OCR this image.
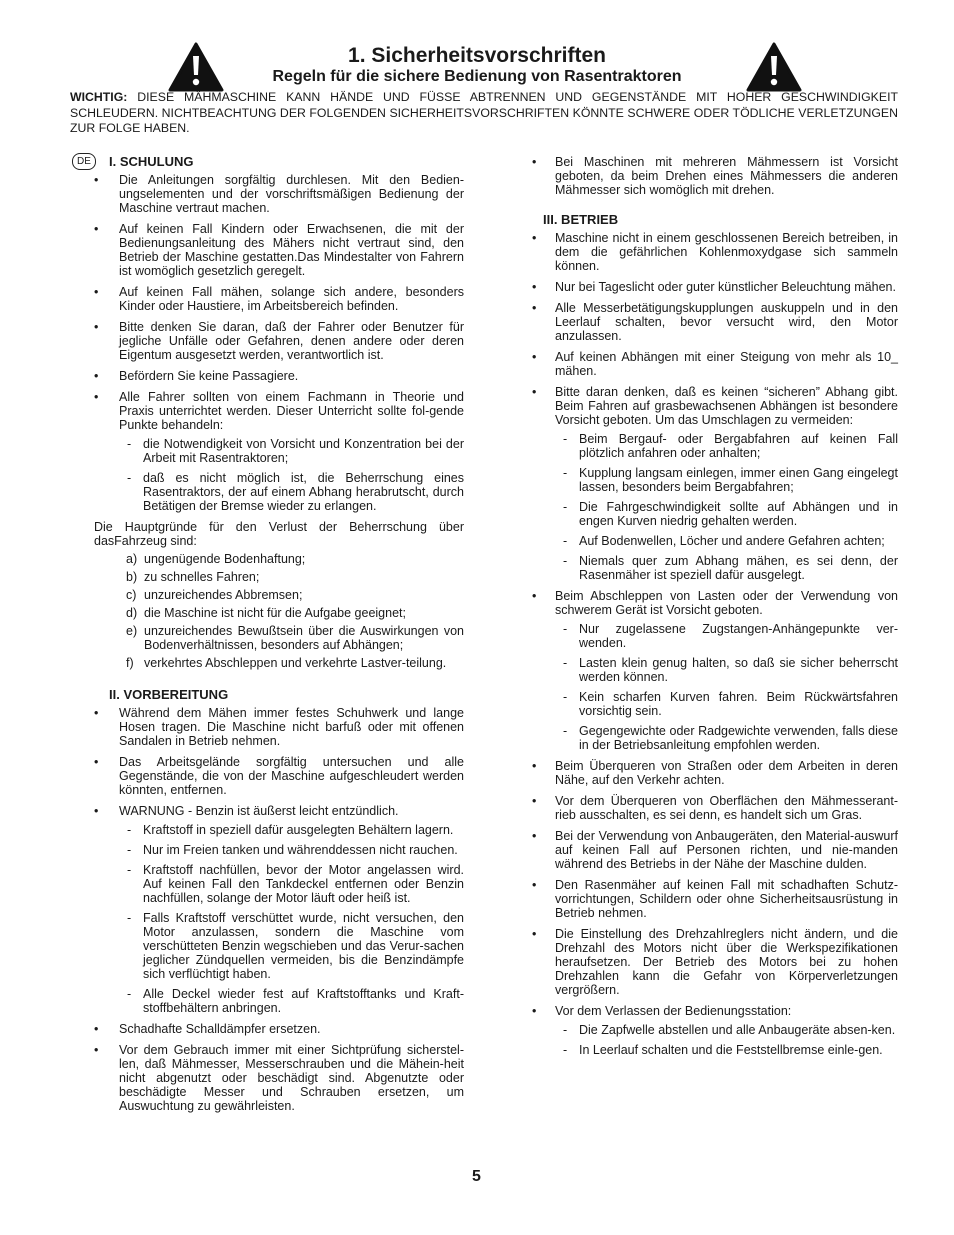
1. Sicherheitsvorschriften
Regeln für die sichere Bedienung von Rasentraktoren
WICHTIG: DIESE MÄHMASCHINE KANN HÄNDE UND FÜSSE ABTRENNEN UND GEGENSTÄNDE MIT HOHER GESCHWINDIGKEIT SCHLEUDERN. NICHTBEACHTUNG DER FOLGENDEN SICHERHEITSVORSCHRIFTEN KÖNNTE SCHWERE ODER TÖDLICHE VERLETZUNGEN ZUR FOLGE HABEN.
DE	I. SCHULUNG
• Die Anleitungen sorgfältig durchlesen. Mit den Bedien-ungselementen und der vorschriftsmäßigen Bedienung der Maschine vertraut machen.
• Auf keinen Fall Kindern oder Erwachsenen, die mit der Bedienungsanleitung des Mähers nicht vertraut sind, den Betrieb der Maschine gestatten.Das Mindestalter von Fahrern ist womöglich gesetzlich geregelt.
• Auf keinen Fall mähen, solange sich andere, besonders Kinder oder Haustiere, im Arbeitsbereich befinden.
• Bitte denken Sie daran, daß der Fahrer oder Benutzer für jegliche Unfälle oder Gefahren, denen andere oder deren Eigentum ausgesetzt werden, verantwortlich ist.
• Befördern Sie keine Passagiere.
• Alle Fahrer sollten von einem Fachmann in Theorie und Praxis unterrichtet werden. Dieser Unterricht sollte fol-gende Punkte behandeln:
- die Notwendigkeit von Vorsicht und Konzentration bei der Arbeit mit Rasentraktoren;
- daß es nicht möglich ist, die Beherrschung eines Rasentraktors, der auf einem Abhang herabrutscht, durch Betätigen der Bremse wieder zu erlangen.
Die Hauptgründe für den Verlust der Beherrschung über dasFahrzeug sind:
a) ungenügende Bodenhaftung;
b) zu schnelles Fahren;
c) unzureichendes Abbremsen;
d) die Maschine ist nicht für die Aufgabe geeignet;
e) unzureichendes Bewußtsein über die Auswirkungen von Bodenverhältnissen, besonders auf Abhängen;
f) verkehrtes Abschleppen und verkehrte Lastver-teilung.
II. VORBEREITUNG
• Während dem Mähen immer festes Schuhwerk und lange Hosen tragen. Die Maschine nicht barfuß oder mit offenen Sandalen in Betrieb nehmen.
• Das Arbeitsgelände sorgfältig untersuchen und alle Gegenstände, die von der Maschine aufgeschleudert werden könnten, entfernen.
• WARNUNG - Benzin ist äußerst leicht entzündlich.
- Kraftstoff in speziell dafür ausgelegten Behältern lagern.
- Nur im Freien tanken und währenddessen nicht rauchen.
- Kraftstoff nachfüllen, bevor der Motor angelassen wird. Auf keinen Fall den Tankdeckel entfernen oder Benzin nachfüllen, solange der Motor läuft oder heiß ist.
- Falls Kraftstoff verschüttet wurde, nicht versuchen, den Motor anzulassen, sondern die Maschine vom verschütteten Benzin wegschieben und das Verur-sachen jeglicher Zündquellen vermeiden, bis die Benzindämpfe sich verflüchtigt haben.
- Alle Deckel wieder fest auf Kraftstofftanks und Kraft-stoffbehältern anbringen.
• Schadhafte Schalldämpfer ersetzen.
• Vor dem Gebrauch immer mit einer Sichtprüfung sicherstel-len, daß Mähmesser, Messerschrauben und die Mähein-heit nicht abgenutzt oder beschädigt sind. Abgenutzte oder beschädigte Messer und Schrauben ersetzen, um Auswuchtung zu gewährleisten.
• Bei Maschinen mit mehreren Mähmessern ist Vorsicht geboten, da beim Drehen eines Mähmessers die anderen Mähmesser sich womöglich mit drehen.
III. BETRIEB
• Maschine nicht in einem geschlossenen Bereich betreiben, in dem die gefährlichen Kohlenmoxydgase sich sammeln können.
• Nur bei Tageslicht oder guter künstlicher Beleuchtung mähen.
• Alle Messerbetätigungskupplungen auskuppeln und in den Leerlauf schalten, bevor versucht wird, den Motor anzulassen.
• Auf keinen Abhängen mit einer Steigung von mehr als 10_ mähen.
• Bitte daran denken, daß es keinen “sicheren” Abhang gibt. Beim Fahren auf grasbewachsenen Abhängen ist besondere Vorsicht geboten. Um das Umschlagen zu vermeiden:
- Beim Bergauf- oder Bergabfahren auf keinen Fall plötzlich anfahren oder anhalten;
- Kupplung langsam einlegen, immer einen Gang eingelegt lassen, besonders beim Bergabfahren;
- Die Fahrgeschwindigkeit sollte auf Abhängen und in engen Kurven niedrig gehalten werden.
- Auf Bodenwellen, Löcher und andere Gefahren achten;
- Niemals quer zum Abhang mähen, es sei denn, der Rasenmäher ist speziell dafür ausgelegt.
• Beim Abschleppen von Lasten oder der Verwendung von schwerem Gerät ist Vorsicht geboten.
- Nur zugelassene Zugstangen-Anhängepunkte ver-wenden.
- Lasten klein genug halten, so daß sie sicher beherrscht werden können.
- Kein scharfen Kurven fahren. Beim Rückwärtsfahren vorsichtig sein.
- Gegengewichte oder Radgewichte verwenden, falls diese in der Betriebsanleitung empfohlen werden.
• Beim Überqueren von Straßen oder dem Arbeiten in deren Nähe, auf den Verkehr achten.
• Vor dem Überqueren von Oberflächen den Mähmesserant-rieb ausschalten, es sei denn, es handelt sich um Gras.
• Bei der Verwendung von Anbaugeräten, den Material-auswurf auf keinen Fall auf Personen richten, und nie-manden während des Betriebs in der Nähe der Maschine dulden.
• Den Rasenmäher auf keinen Fall mit schadhaften Schutz-vorrichtungen, Schildern oder ohne Sicherheitsausrüstung in Betrieb nehmen.
• Die Einstellung des Drehzahlreglers nicht ändern, und die Drehzahl des Motors nicht über die Werkspezifikationen heraufsetzen. Der Betrieb des Motors bei zu hohen Drehzahlen kann die Gefahr von Körperverletzungen vergrößern.
• Vor dem Verlassen der Bedienungsstation:
- Die Zapfwelle abstellen und alle Anbaugeräte absen-ken.
- In Leerlauf schalten und die Feststellbremse einle-gen.
5
